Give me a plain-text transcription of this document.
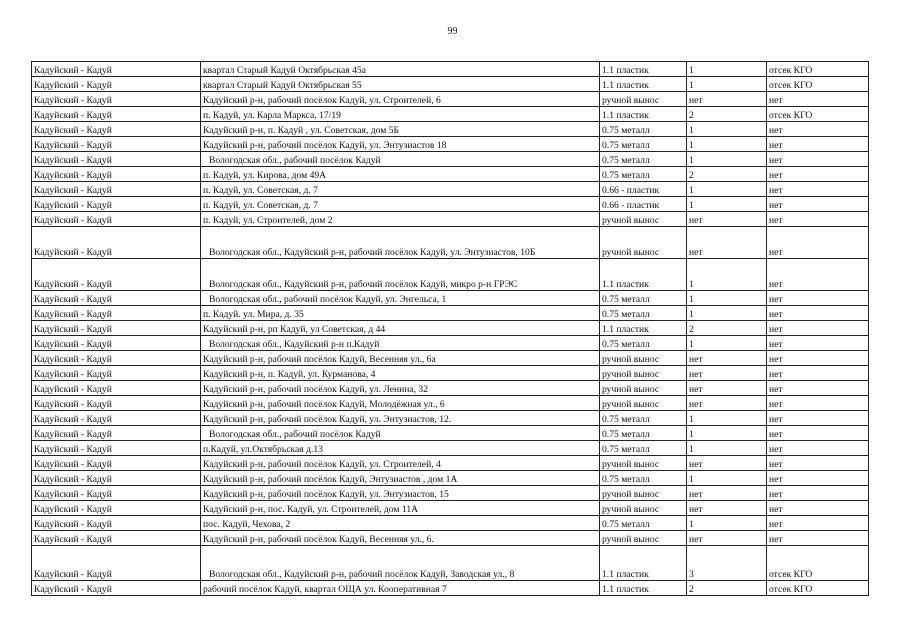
99
Кадуйский - Кадуй	квартал Старый Кадуй Октябрьская 45а	1.1 пластик	1	отсек КГО
Кадуйский - Кадуй	квартал Старый Кадуй Октябрьская 55	1.1 пластик	1	отсек КГО
Кадуйский - Кадуй	Кадуйский р-н, рабочий посёлок Кадуй, ул. Строителей, 6	ручной вынос	нет	нет
Кадуйский - Кадуй	п. Кадуй, ул. Карла Маркса, 17/19	1.1 пластик	2	отсек КГО
Кадуйский - Кадуй	Кадуйский р-н, п. Кадуй , ул. Советская, дом 5Б	0.75 металл	1	нет
Кадуйский - Кадуй	Кадуйский р-н, рабочий посёлок Кадуй, ул. Энтузиастов 18	0.75 металл	1	нет
Кадуйский - Кадуй	Вологодская обл., рабочий посёлок Кадуй	0.75 металл	1	нет
Кадуйский - Кадуй	п. Кадуй, ул. Кирова, дом 49А	0.75 металл	2	нет
Кадуйский - Кадуй	п. Кадуй, ул. Советская, д. 7	0.66 - пластик	1	нет
Кадуйский - Кадуй	п. Кадуй, ул. Советская, д. 7	0.66 - пластик	1	нет
Кадуйский - Кадуй	п. Кадуй, ул. Строителей, дом 2	ручной вынос	нет	нет
Кадуйский - Кадуй	Вологодская обл., Кадуйский р-н, рабочий посёлок Кадуй, ул. Энтузиастов, 10Б	ручной вынос	нет	нет
Кадуйский - Кадуй	Вологодская обл., Кадуйский р-н, рабочий посёлок Кадуй, микро р-н ГРЭС	1.1 пластик	1	нет
Кадуйский - Кадуй	Вологодская обл., рабочий посёлок Кадуй, ул. Энгельса, 1	0.75 металл	1	нет
Кадуйский - Кадуй	п. Кадуй. ул. Мира, д. 35	0.75 металл	1	нет
Кадуйский - Кадуй	Кадуйский р-н, рп Кадуй, ул Советская, д 44	1.1 пластик	2	нет
Кадуйский - Кадуй	Вологодская обл., Кадуйский р-н п.Кадуй	0.75 металл	1	нет
Кадуйский - Кадуй	Кадуйский р-н, рабочий посёлок Кадуй, Весенняя ул., 6а	ручной вынос	нет	нет
Кадуйский - Кадуй	Кадуйский р-н, п. Кадуй, ул. Курманова, 4	ручной вынос	нет	нет
Кадуйский - Кадуй	Кадуйский р-н, рабочий посёлок Кадуй, ул. Ленина, 32	ручной вынос	нет	нет
Кадуйский - Кадуй	Кадуйский р-н, рабочий посёлок Кадуй, Молодёжная ул., 6	ручной вынос	нет	нет
Кадуйский - Кадуй	Кадуйский р-н, рабочий посёлок Кадуй, ул. Энтузиастов, 12.	0.75 металл	1	нет
Кадуйский - Кадуй	Вологодская обл., рабочий посёлок Кадуй	0.75 металл	1	нет
Кадуйский - Кадуй	п.Кадуй, ул.Октябрьская д.13	0.75 металл	1	нет
Кадуйский - Кадуй	Кадуйский р-н, рабочий посёлок Кадуй, ул. Строителей, 4	ручной вынос	нет	нет
Кадуйский - Кадуй	Кадуйский р-н, рабочий посёлок Кадуй, Энтузиастов , дом 1А	0.75 металл	1	нет
Кадуйский - Кадуй	Кадуйский р-н, рабочий посёлок Кадуй, ул. Энтузиастов, 15	ручной вынос	нет	нет
Кадуйский - Кадуй	Кадуйский р-н, пос. Кадуй, ул. Строителей, дом 11А	ручной вынос	нет	нет
Кадуйский - Кадуй	пос. Кадуй, Чехова, 2	0.75 металл	1	нет
Кадуйский - Кадуй	Кадуйский р-н, рабочий посёлок Кадуй, Весенняя ул., 6.	ручной вынос	нет	нет
Кадуйский - Кадуй	Вологодская обл., Кадуйский р-н, рабочий посёлок Кадуй, Заводская ул., 8	1.1 пластик	3	отсек КГО
Кадуйский - Кадуй	рабочий посёлок Кадуй, квартал ОЩА ул. Кооперативная 7	1.1 пластик	2	отсек КГО
